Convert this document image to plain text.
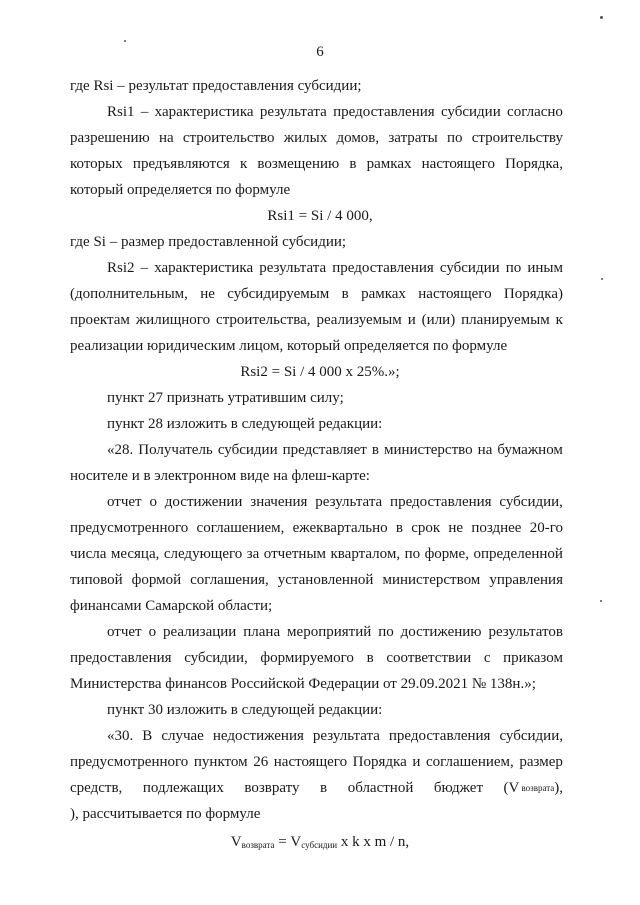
6
где Rsi – результат предоставления субсидии;
Rsi1 – характеристика результата предоставления субсидии согласно
разрешению на строительство жилых домов, затраты по строительству
которых предъявляются к возмещению в рамках настоящего Порядка,
который определяется по формуле
Rsi1 = Si / 4 000,
где Si – размер предоставленной субсидии;
Rsi2 – характеристика результата предоставления субсидии по иным
(дополнительным, не субсидируемым в рамках настоящего Порядка)
проектам жилищного строительства, реализуемым и (или) планируемым к
реализации юридическим лицом, который определяется по формуле
Rsi2 = Si / 4 000 x 25%.»;
пункт 27 признать утратившим силу;
пункт 28 изложить в следующей редакции:
«28. Получатель субсидии представляет в министерство на бумажном
носителе и в электронном виде на флеш-карте:
отчет о достижении значения результата предоставления субсидии,
предусмотренного соглашением, ежеквартально в срок не позднее 20-го
числа месяца, следующего за отчетным кварталом, по форме, определенной
типовой формой соглашения, установленной министерством управления
финансами Самарской области;
отчет о реализации плана мероприятий по достижению результатов
предоставления субсидии, формируемого в соответствии с приказом
Министерства финансов Российской Федерации от 29.09.2021 № 138н.»;
пункт 30 изложить в следующей редакции:
«30. В случае недостижения результата предоставления субсидии,
предусмотренного пунктом 26 настоящего Порядка и соглашением, размер
средств, подлежащих возврату в областной бюджет (V возврата ),
), рассчитывается по формуле
$V_{возврата} = V_{субсидии}$ x k x m / n,
